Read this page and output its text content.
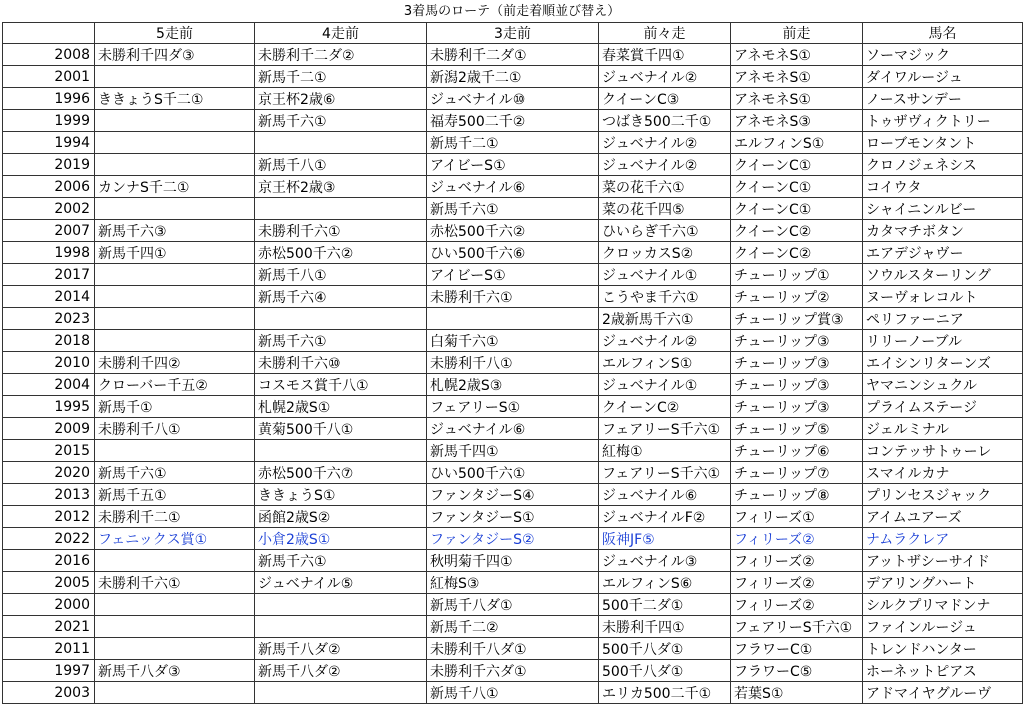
3着馬のローテ（前走着順並び替え）
	5走前	4走前	3走前	前々走	前走	馬名
2008	未勝利千四ダ③	未勝利千二ダ②	未勝利千二ダ①	春菜賞千四①	アネモネS①	ソーマジック
2001		新馬千二①	新潟2歳千二①	ジュベナイル②	アネモネS①	ダイワルージュ
1996	ききょうS千二①	京王杯2歳⑥	ジュベナイル⑩	クイーンC③	アネモネS①	ノースサンデー
1999		新馬千六①	福寿500二千②	つばき500二千①	アネモネS③	トゥザヴィクトリー
1994			新馬千二①	ジュベナイル②	エルフィンS①	ローブモンタント
2019		新馬千八①	アイビーS①	ジュベナイル②	クイーンC①	クロノジェネシス
2006	カンナS千二①	京王杯2歳③	ジュベナイル⑥	菜の花千六①	クイーンC①	コイウタ
2002			新馬千六①	菜の花千四⑤	クイーンC①	シャイニンルビー
2007	新馬千六③	未勝利千六①	赤松500千六②	ひいらぎ千六①	クイーンC②	カタマチボタン
1998	新馬千四①	赤松500千六②	ひい500千六⑥	クロッカスS②	クイーンC②	エアデジャヴー
2017		新馬千八①	アイビーS①	ジュベナイル①	チューリップ①	ソウルスターリング
2014		新馬千六④	未勝利千六①	こうやま千六①	チューリップ②	ヌーヴォレコルト
2023				2歳新馬千六①	チューリップ賞③	ペリファーニア
2018		新馬千六①	白菊千六①	ジュベナイル②	チューリップ③	リリーノーブル
2010	未勝利千四②	未勝利千六⑩	未勝利千八①	エルフィンS①	チューリップ③	エイシンリターンズ
2004	クローバー千五②	コスモス賞千八①	札幌2歳S③	ジュベナイル①	チューリップ③	ヤマニンシュクル
1995	新馬千①	札幌2歳S①	フェアリーS①	クイーンC②	チューリップ③	プライムステージ
2009	未勝利千八①	黄菊500千八①	ジュベナイル⑥	フェアリーS千六①	チューリップ⑤	ジェルミナル
2015			新馬千四①	紅梅①	チューリップ⑥	コンテッサトゥーレ
2020	新馬千六①	赤松500千六⑦	ひい500千六①	フェアリーS千六①	チューリップ⑦	スマイルカナ
2013	新馬千五①	ききょうS①	ファンタジーS④	ジュベナイル⑥	チューリップ⑧	プリンセスジャック
2012	未勝利千二①	函館2歳S②	ファンタジーS①	ジュベナイルF②	フィリーズ①	アイムユアーズ
2022	フェニックス賞①	小倉2歳S①	ファンタジーS②	阪神JF⑤	フィリーズ②	ナムラクレア
2016		新馬千六①	秋明菊千四①	ジュベナイル③	フィリーズ②	アットザシーサイド
2005	未勝利千六①	ジュベナイル⑤	紅梅S③	エルフィンS⑥	フィリーズ②	デアリングハート
2000			新馬千八ダ①	500千二ダ①	フィリーズ②	シルクプリマドンナ
2021			新馬千二②	未勝利千四①	フェアリーS千六①	ファインルージュ
2011		新馬千八ダ②	未勝利千八ダ①	500千八ダ①	フラワーC①	トレンドハンター
1997	新馬千八ダ③	新馬千八ダ②	未勝利千六ダ①	500千八ダ①	フラワーC⑤	ホーネットピアス
2003			新馬千八①	エリカ500二千①	若葉S①	アドマイヤグルーヴ
